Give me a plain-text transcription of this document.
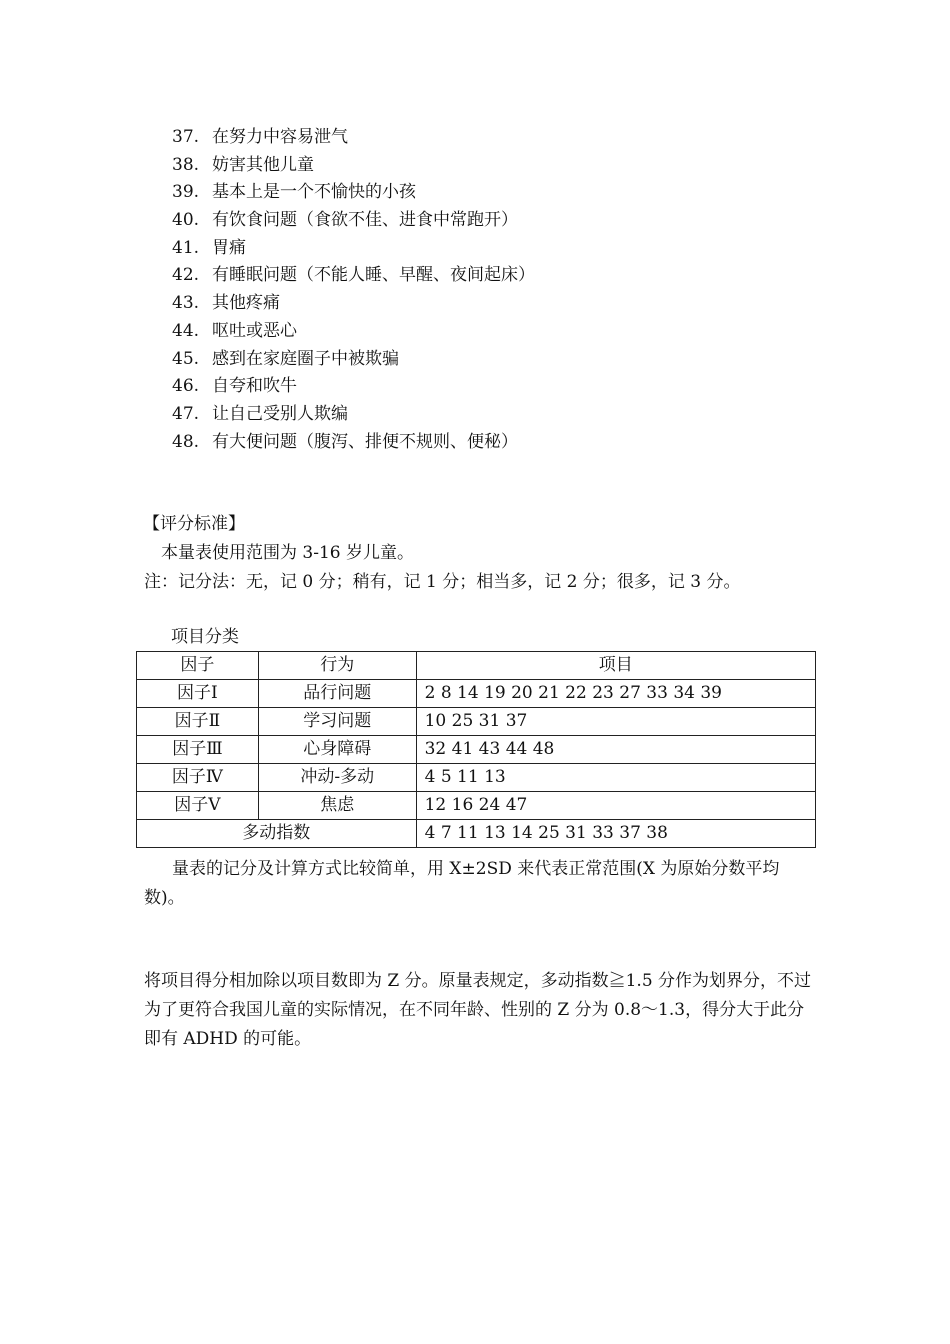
37. 在努力中容易泄气
38. 妨害其他儿童
39. 基本上是一个不愉快的小孩
40. 有饮食问题（食欲不佳、进食中常跑开）
41. 胃痛
42. 有睡眠问题（不能人睡、早醒、夜间起床）
43. 其他疼痛
44. 呕吐或恶心
45. 感到在家庭圈子中被欺骗
46. 自夸和吹牛
47. 让自己受别人欺编
48. 有大便问题（腹泻、排便不规则、便秘）
【评分标准】
本量表使用范围为 3-16 岁儿童。
注：记分法：无，记 0 分；稍有，记 1 分；相当多，记 2 分；很多，记 3 分。
项目分类
因子	行为	项目
因子Ⅰ	品行问题	2 8 14 19 20 21 22 23 27 33 34 39
因子Ⅱ	学习问题	10 25 31 37
因子Ⅲ	心身障碍	32 41 43 44 48
因子Ⅳ	冲动-多动	4 5 11 13
因子Ⅴ	焦虑	12 16 24 47
多动指数		4 7 11 13 14 25 31 33 37 38

量表的记分及计算方式比较简单，用 X±2SD 来代表正常范围(X 为原始分数平均数)。

将项目得分相加除以项目数即为 Z 分。原量表规定，多动指数≧1.5 分作为划界分，不过为了更符合我国儿童的实际情况，在不同年龄、性别的 Z 分为 0.8～1.3，得分大于此分即有 ADHD 的可能。
